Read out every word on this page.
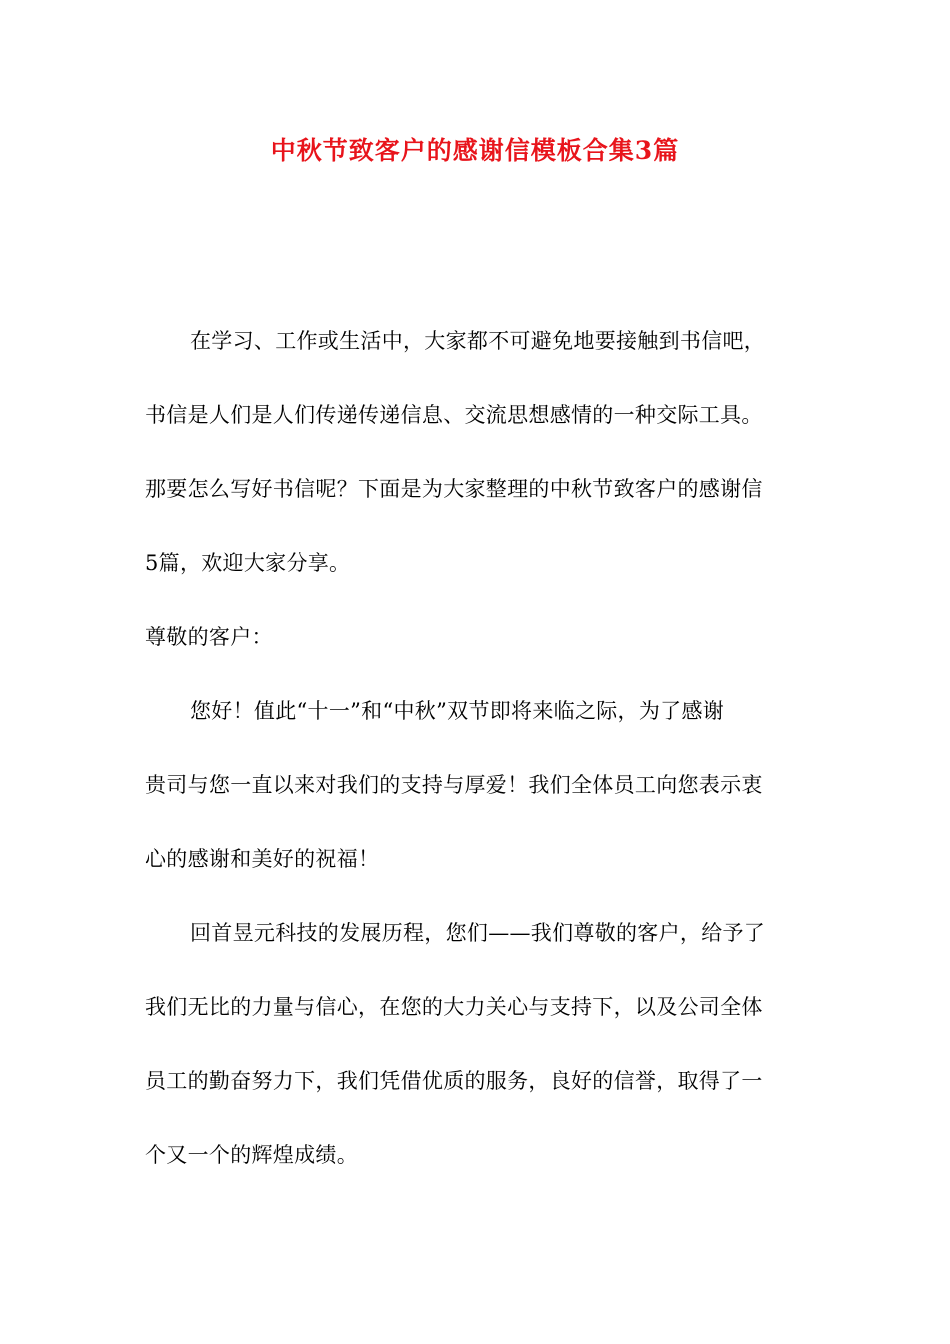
中秋节致客户的感谢信模板合集3篇

在学习、工作或生活中，大家都不可避免地要接触到书信吧，

书信是人们是人们传递传递信息、交流思想感情的一种交际工具。

那要怎么写好书信呢？下面是为大家整理的中秋节致客户的感谢信

5篇，欢迎大家分享。

尊敬的客户：

您好！值此“十一”和“中秋”双节即将来临之际，为了感谢

贵司与您一直以来对我们的支持与厚爱！我们全体员工向您表示衷

心的感谢和美好的祝福！

回首昱元科技的发展历程，您们——我们尊敬的客户，给予了

我们无比的力量与信心，在您的大力关心与支持下，以及公司全体

员工的勤奋努力下，我们凭借优质的服务，良好的信誉，取得了一

个又一个的辉煌成绩。
